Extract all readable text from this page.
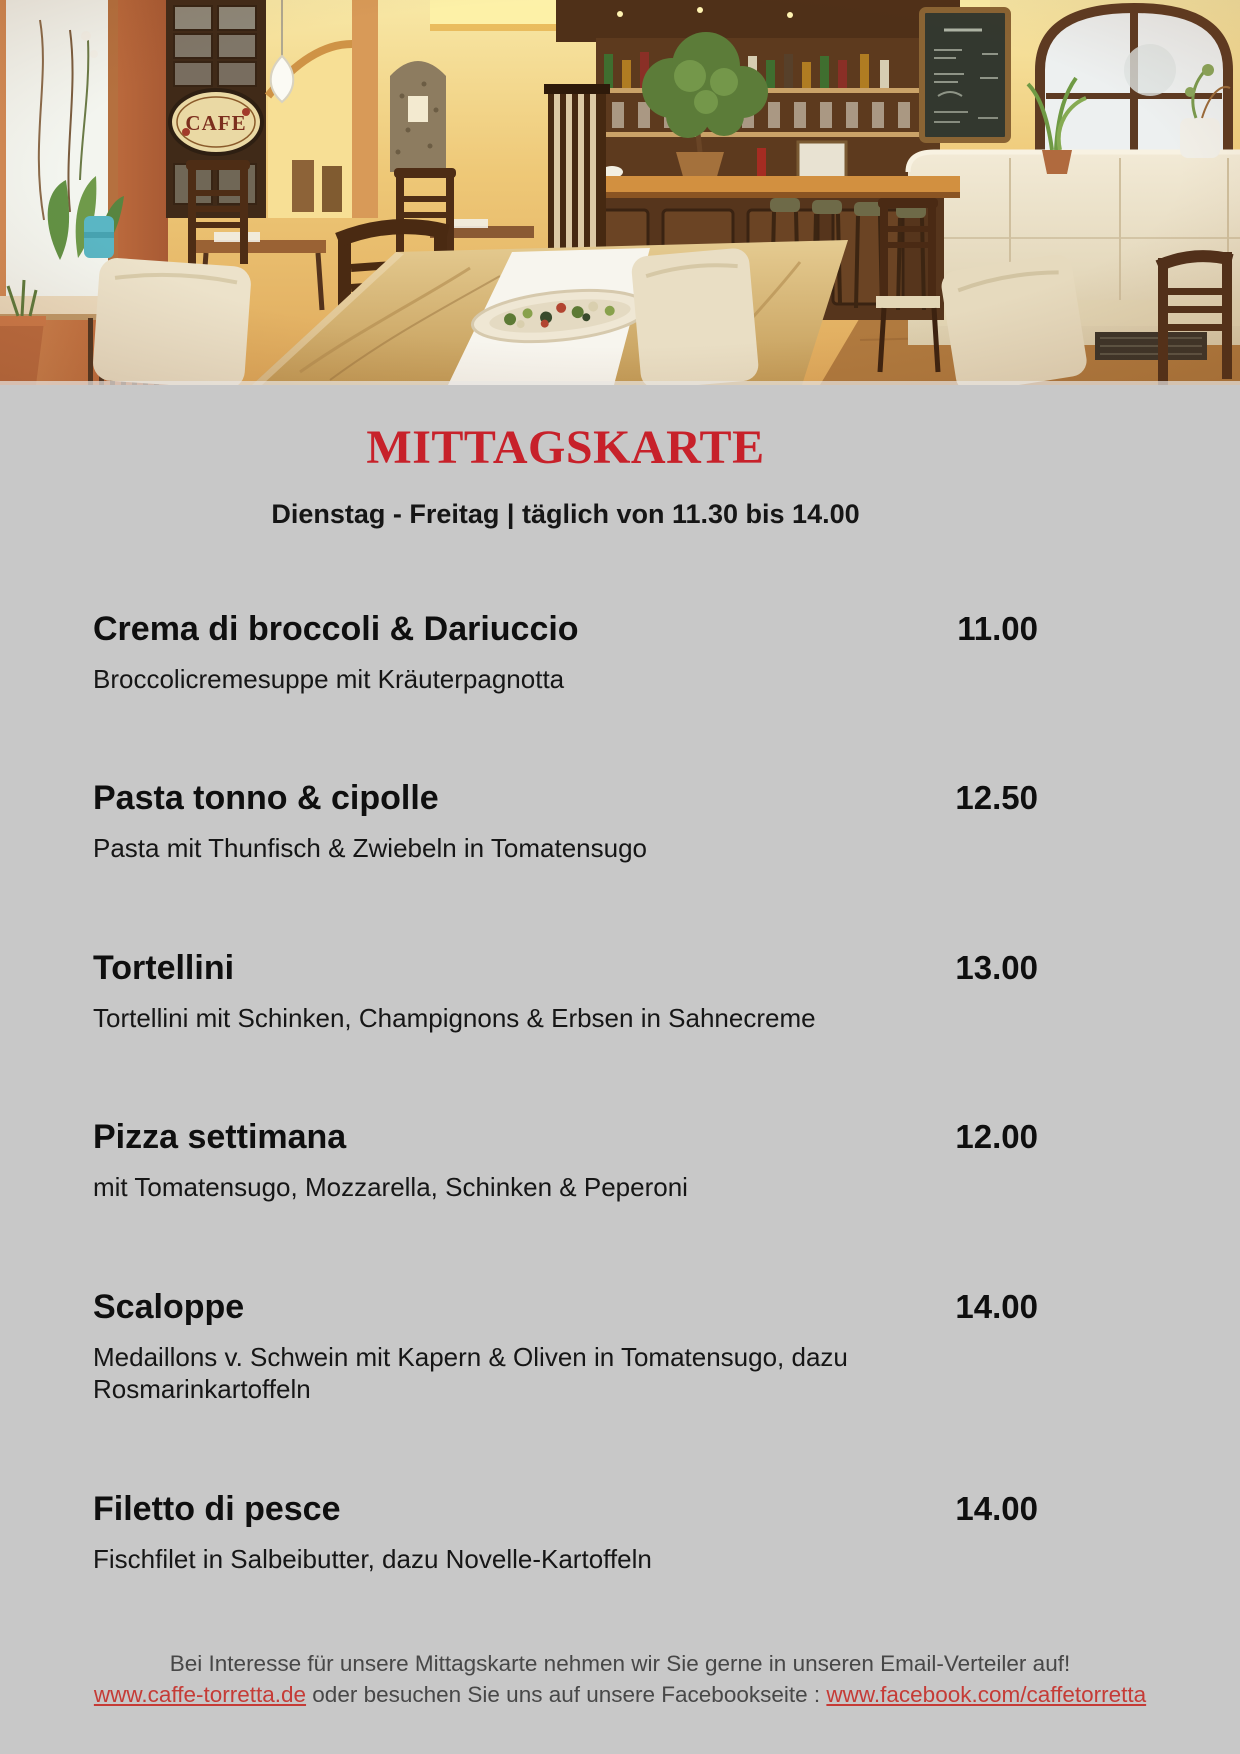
MITTAGSKARTE
Dienstag - Freitag | täglich von 11.30 bis 14.00
Crema di broccoli & Dariuccio	11.00
Broccolicremesuppe mit Kräuterpagnotta
Pasta tonno & cipolle	12.50
Pasta mit Thunfisch & Zwiebeln in Tomatensugo
Tortellini	13.00
Tortellini mit Schinken, Champignons & Erbsen in Sahnecreme
Pizza settimana	12.00
mit Tomatensugo, Mozzarella, Schinken & Peperoni
Scaloppe	14.00
Medaillons v. Schwein mit Kapern & Oliven in Tomatensugo, dazu Rosmarinkartoffeln
Filetto di pesce	14.00
Fischfilet in Salbeibutter, dazu Novelle-Kartoffeln
Bei Interesse für unsere Mittagskarte nehmen wir Sie gerne in unseren Email-Verteiler auf!
www.caffe-torretta.de oder besuchen Sie uns auf unsere Facebookseite : www.facebook.com/caffetorretta
